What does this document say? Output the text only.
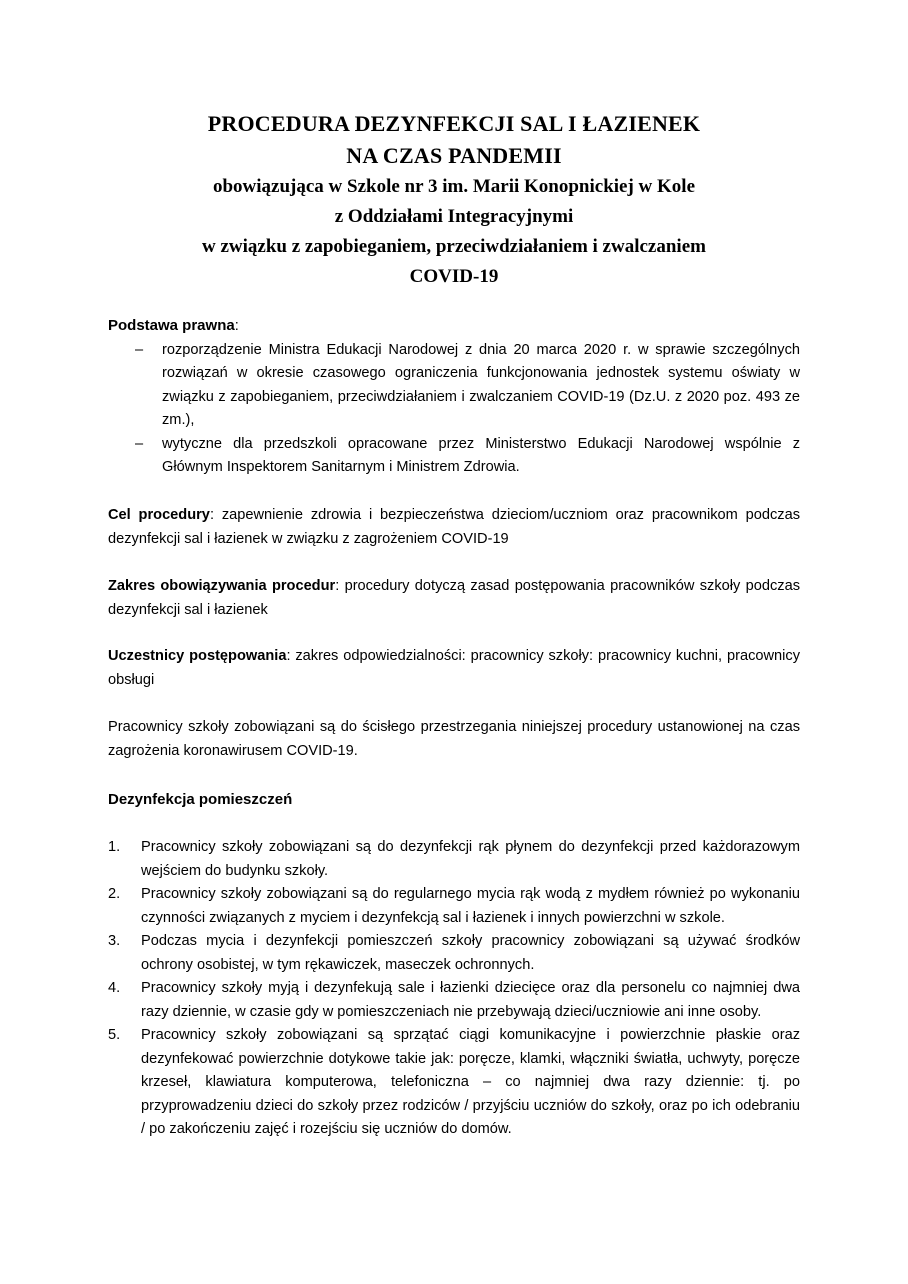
PROCEDURA DEZYNFEKCJI SAL I ŁAZIENEK
NA CZAS PANDEMII
obowiązująca w Szkole nr 3 im. Marii Konopnickiej w Kole
z Oddziałami Integracyjnymi
w związku z zapobieganiem, przeciwdziałaniem i zwalczaniem
COVID-19
Podstawa prawna:
– rozporządzenie Ministra Edukacji Narodowej z dnia 20 marca 2020 r. w sprawie szczególnych rozwiązań w okresie czasowego ograniczenia funkcjonowania jednostek systemu oświaty w związku z zapobieganiem, przeciwdziałaniem i zwalczaniem COVID-19 (Dz.U. z 2020 poz. 493 ze zm.),
– wytyczne dla przedszkoli opracowane przez Ministerstwo Edukacji Narodowej wspólnie z Głównym Inspektorem Sanitarnym i Ministrem Zdrowia.
Cel procedury: zapewnienie zdrowia i bezpieczeństwa dzieciom/uczniom oraz pracownikom podczas dezynfekcji sal i łazienek w związku z zagrożeniem COVID-19
Zakres obowiązywania procedur: procedury dotyczą zasad postępowania pracowników szkoły podczas dezynfekcji sal i łazienek
Uczestnicy postępowania: zakres odpowiedzialności: pracownicy szkoły: pracownicy kuchni, pracownicy obsługi
Pracownicy szkoły zobowiązani są do ścisłego przestrzegania niniejszej procedury ustanowionej na czas zagrożenia koronawirusem COVID-19.
Dezynfekcja pomieszczeń
1. Pracownicy szkoły zobowiązani są do dezynfekcji rąk płynem do dezynfekcji przed każdorazowym wejściem do budynku szkoły.
2. Pracownicy szkoły zobowiązani są do regularnego mycia rąk wodą z mydłem również po wykonaniu czynności związanych z myciem i dezynfekcją sal i łazienek i innych powierzchni w szkole.
3. Podczas mycia i dezynfekcji pomieszczeń szkoły pracownicy zobowiązani są używać środków ochrony osobistej, w tym rękawiczek, maseczek ochronnych.
4. Pracownicy szkoły myją i dezynfekują sale i łazienki dziecięce oraz dla personelu co najmniej dwa razy dziennie, w czasie gdy w pomieszczeniach nie przebywają dzieci/uczniowie ani inne osoby.
5. Pracownicy szkoły zobowiązani są sprzątać ciągi komunikacyjne i powierzchnie płaskie oraz dezynfekować powierzchnie dotykowe takie jak: poręcze, klamki, włączniki światła, uchwyty, poręcze krzeseł, klawiatura komputerowa, telefoniczna – co najmniej dwa razy dziennie: tj. po przyprowadzeniu dzieci do szkoły przez rodziców / przyjściu uczniów do szkoły, oraz po ich odebraniu / po zakończeniu zajęć i rozejściu się uczniów do domów.
